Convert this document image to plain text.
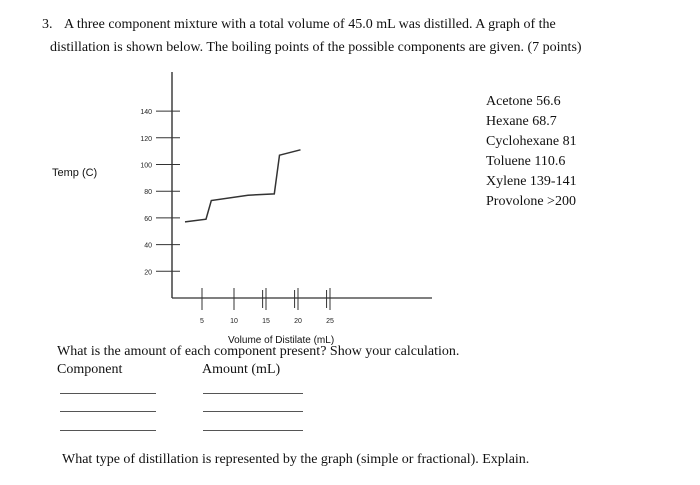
3. A three component mixture with a total volume of 45.0 mL was distilled. A graph of the
distillation is shown below. The boiling points of the possible components are given. (7 points)
Acetone 56.6
Hexane 68.7
Cyclohexane 81
Toluene 110.6
Xylene 139-141
Provolone >200
Temp (C)
Volume of Distilate (mL)
140
120
100
80
60
40
20
5	10	15	20	25
What is the amount of each component present? Show your calculation.
Component	Amount (mL)
What type of distillation is represented by the graph (simple or fractional). Explain.
